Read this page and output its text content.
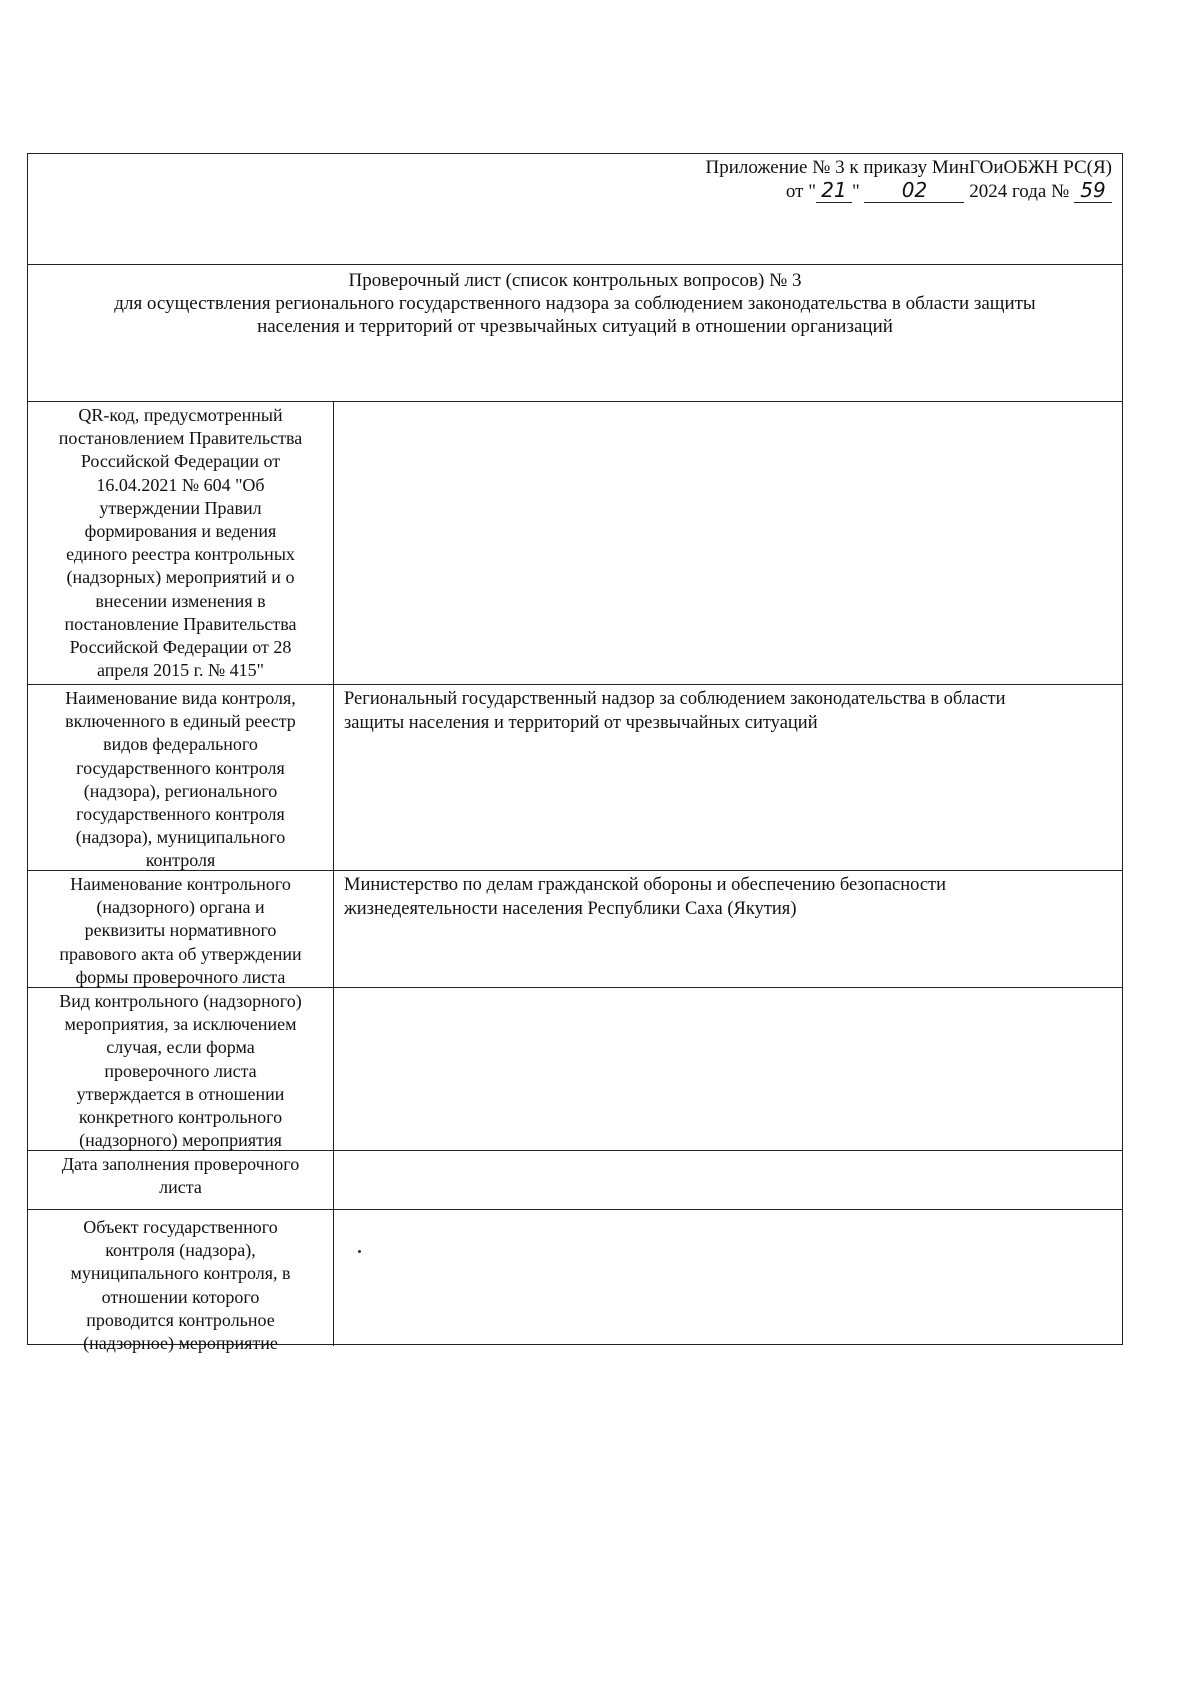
Приложение № 3 к приказу МинГОиОБЖН РС(Я)
от " 21 " 02 2024 года № 59
Проверочный лист (список контрольных вопросов) № 3
для осуществления регионального государственного надзора за соблюдением законодательства в области защиты
населения и территорий от чрезвычайных ситуаций в отношении организаций
QR-код, предусмотренный
постановлением Правительства
Российской Федерации от
16.04.2021 № 604 "Об
утверждении Правил
формирования и ведения
единого реестра контрольных
(надзорных) мероприятий и о
внесении изменения в
постановление Правительства
Российской Федерации от 28
апреля 2015 г. № 415"
Наименование вида контроля,
включенного в единый реестр
видов федерального
государственного контроля
(надзора), регионального
государственного контроля
(надзора), муниципального
контроля
Региональный государственный надзор за соблюдением законодательства в области
защиты населения и территорий от чрезвычайных ситуаций
Наименование контрольного
(надзорного) органа и
реквизиты нормативного
правового акта об утверждении
формы проверочного листа
Министерство по делам гражданской обороны и обеспечению безопасности
жизнедеятельности населения Республики Саха (Якутия)
Вид контрольного (надзорного)
мероприятия, за исключением
случая, если форма
проверочного листа
утверждается в отношении
конкретного контрольного
(надзорного) мероприятия
Дата заполнения проверочного
листа
Объект государственного
контроля (надзора),
муниципального контроля, в
отношении которого
проводится контрольное
(надзорное) мероприятие
